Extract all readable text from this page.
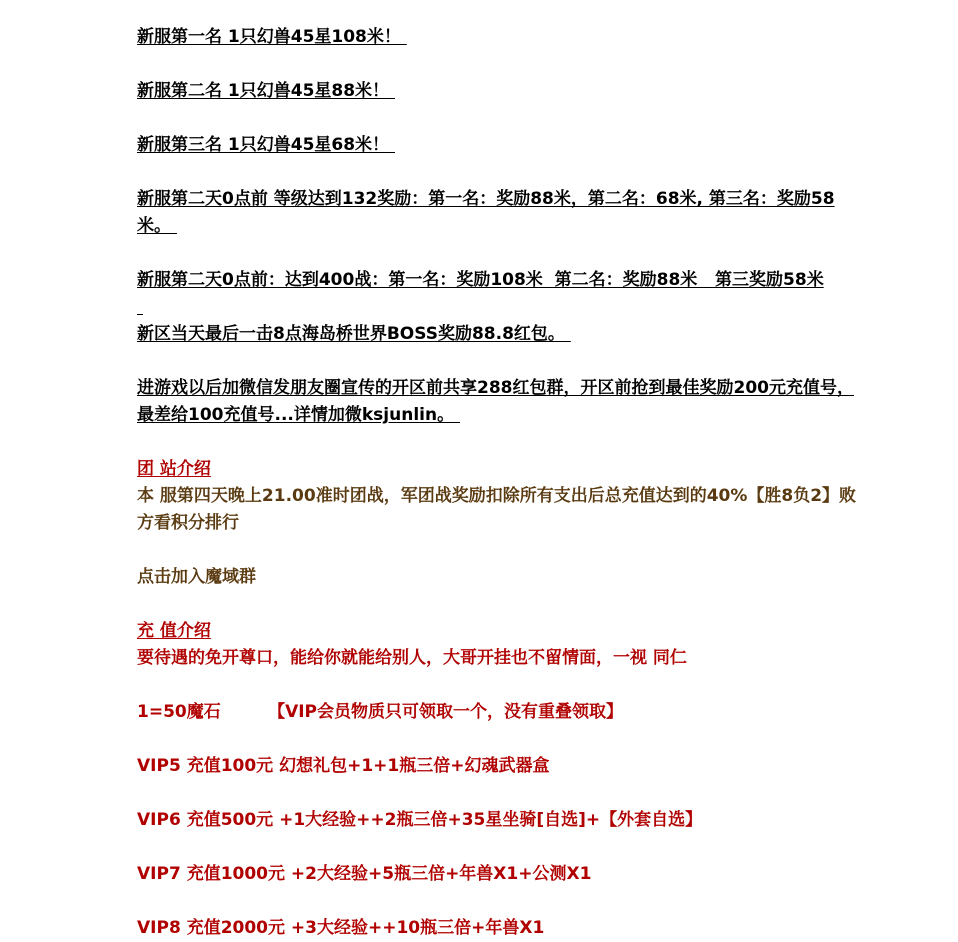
新服第一名 1只幻兽45星108米！

新服第二名 1只幻兽45星88米！

新服第三名 1只幻兽45星68米！

新服第二天0点前 等级达到132奖励：第一名：奖励88米，第二名：68米, 第三名：奖励58米。

新服第二天0点前：达到400战：第一名：奖励108米  第二名：奖励88米   第三奖励58米

新区当天最后一击8点海岛桥世界BOSS奖励88.8红包。

进游戏以后加微信发朋友圈宣传的开区前共享288红包群，开区前抢到最佳奖励200元充值号，最差给100充值号...详情加微ksjunlin。

团 站介绍

本 服第四天晚上21.00准时团战，军团战奖励扣除所有支出后总充值达到的40%【胜8负2】败方看积分排行

点击加入魔域群

充 值介绍

要待遇的免开尊口，能给你就能给别人，大哥开挂也不留情面，一视 同仁

1=50魔石        【VIP会员物质只可领取一个，没有重叠领取】

VIP5 充值100元 幻想礼包+1+1瓶三倍+幻魂武器盒

VIP6 充值500元 +1大经验++2瓶三倍+35星坐骑[自选]+【外套自选】

VIP7 充值1000元 +2大经验+5瓶三倍+年兽X1+公测X1

VIP8 充值2000元 +3大经验++10瓶三倍+年兽X1
